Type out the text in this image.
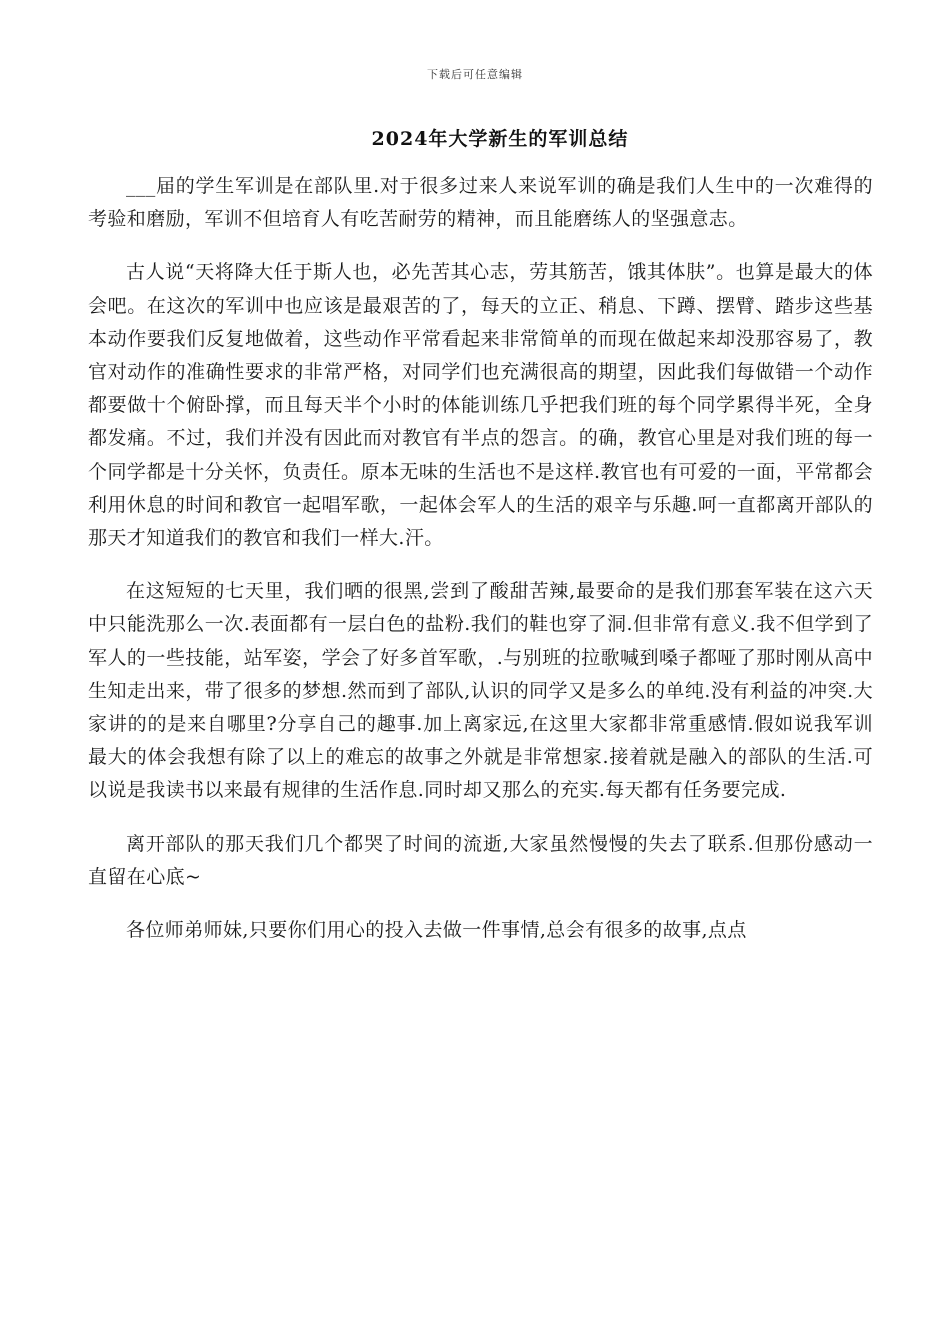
下载后可任意编辑
2024年大学新生的军训总结

___届的学生军训是在部队里.对于很多过来人来说军训的确是我们人生中的一次难得的考验和磨励，军训不但培育人有吃苦耐劳的精神，而且能磨练人的坚强意志。

古人说“天将降大任于斯人也，必先苦其心志，劳其筋苦，饿其体肤”。也算是最大的体会吧。在这次的军训中也应该是最艰苦的了，每天的立正、稍息、下蹲、摆臂、踏步这些基本动作要我们反复地做着，这些动作平常看起来非常简单的而现在做起来却没那容易了，教官对动作的准确性要求的非常严格，对同学们也充满很高的期望，因此我们每做错一个动作都要做十个俯卧撑，而且每天半个小时的体能训练几乎把我们班的每个同学累得半死，全身都发痛。不过，我们并没有因此而对教官有半点的怨言。的确，教官心里是对我们班的每一个同学都是十分关怀，负责任。原本无味的生活也不是这样.教官也有可爱的一面，平常都会利用休息的时间和教官一起唱军歌，一起体会军人的生活的艰辛与乐趣.呵一直都离开部队的那天才知道我们的教官和我们一样大.汗。

在这短短的七天里，我们晒的很黑,尝到了酸甜苦辣,最要命的是我们那套军装在这六天中只能洗那么一次.表面都有一层白色的盐粉.我们的鞋也穿了洞.但非常有意义.我不但学到了军人的一些技能，站军姿，学会了好多首军歌，.与别班的拉歌喊到嗓子都哑了那时刚从高中生知走出来，带了很多的梦想.然而到了部队,认识的同学又是多么的单纯.没有利益的冲突.大家讲的的是来自哪里?分享自己的趣事.加上离家远,在这里大家都非常重感情.假如说我军训最大的体会我想有除了以上的难忘的故事之外就是非常想家.接着就是融入的部队的生活.可以说是我读书以来最有规律的生活作息.同时却又那么的充实.每天都有任务要完成.

离开部队的那天我们几个都哭了时间的流逝,大家虽然慢慢的失去了联系.但那份感动一直留在心底~

各位师弟师妹,只要你们用心的投入去做一件事情,总会有很多的故事,点点
